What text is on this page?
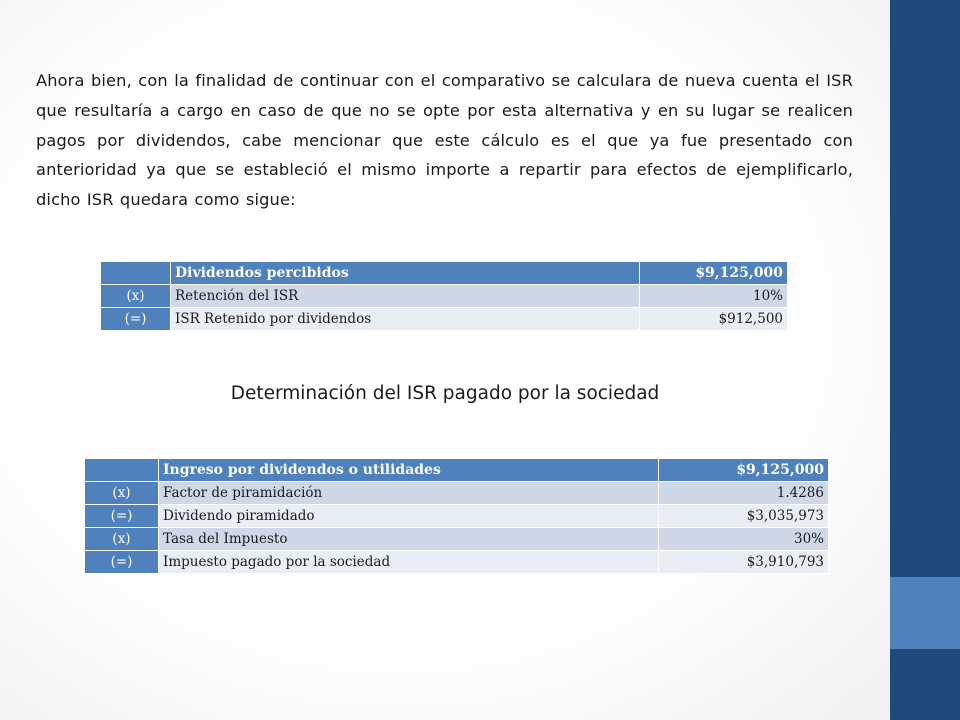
Ahora bien, con la finalidad de continuar con el comparativo se calculara de nueva cuenta el ISR que resultaría a cargo en caso de que no se opte por esta alternativa y en su lugar se realicen pagos por dividendos, cabe mencionar que este cálculo es el que ya fue presentado con anterioridad ya que se estableció el mismo importe a repartir para efectos de ejemplificarlo, dicho ISR quedara como sigue:

	Dividendos percibidos	$9,125,000
(x)	Retención del ISR	10%
(=)	ISR Retenido por dividendos	$912,500
Determinación del ISR pagado por la sociedad
	Ingreso por dividendos o utilidades	$9,125,000
(x)	Factor de piramidación	1.4286
(=)	Dividendo piramidado	$3,035,973
(x)	Tasa del Impuesto	30%
(=)	Impuesto pagado por la sociedad	$3,910,793
